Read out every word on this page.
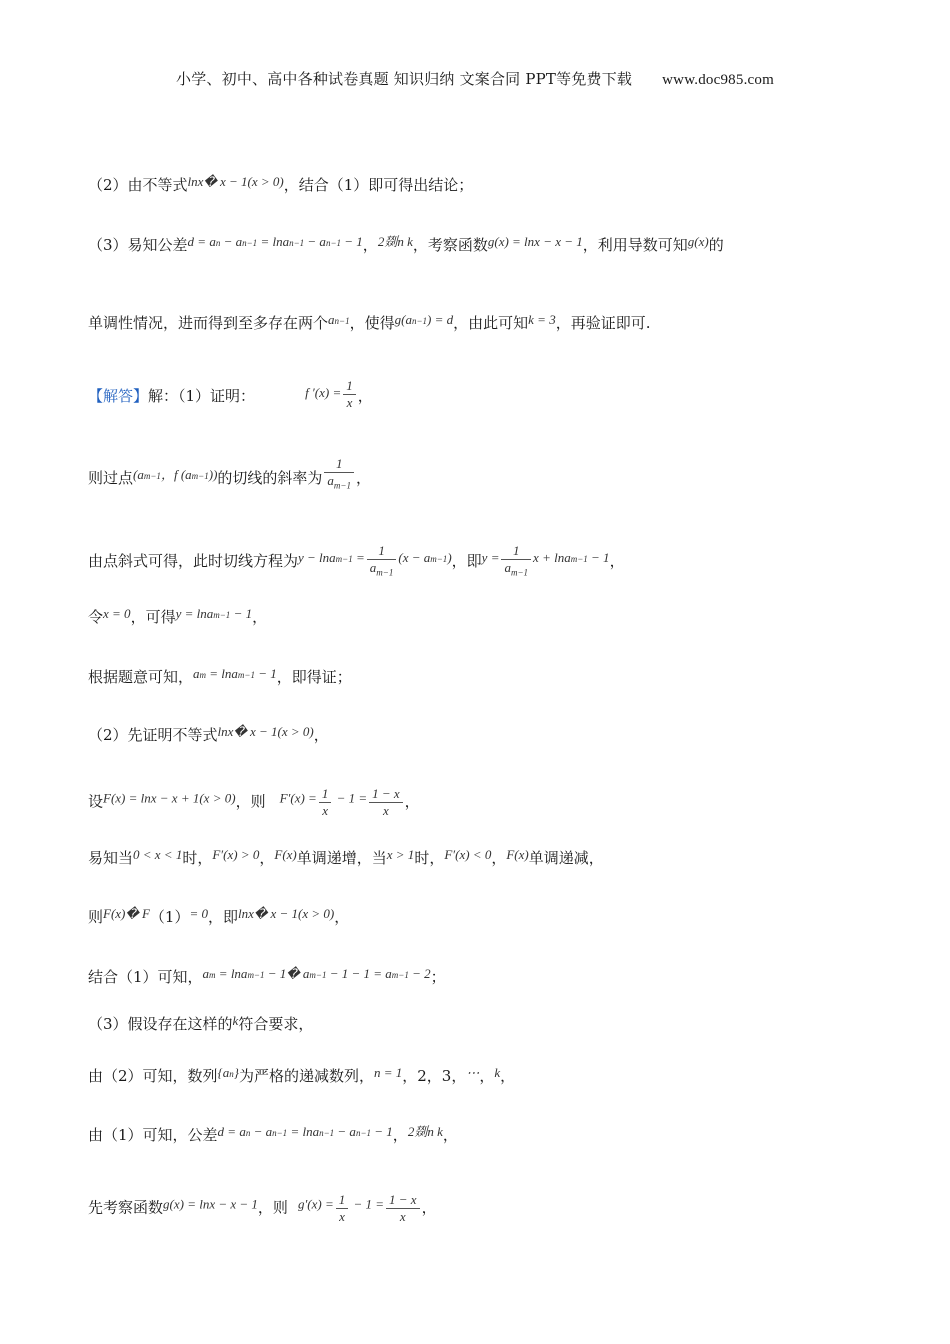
小学、初中、高中各种试卷真题 知识归纳 文案合同 PPT等免费下载 www.doc985.com
（2）由不等式lnx� x − 1(x > 0)，结合（1）即可得出结论；
（3）易知公差$d = a_n - a_{n-1} = \ln a_{n-1} - a_{n-1} - 1$，2剟n k，考察函数g(x) = lnx − x − 1，利用导数可知g(x)的
单调性情况，进而得到至多存在两个$a_{n-1}$，使得$g(a_{n-1}) = d$，由此可知k = 3，再验证即可.
【解答】解：（1）证明：	f $'(x) = \frac{1}{x}$ ，
则过点($a_{m-1}$，f $(a_{m-1})$)的切线的斜率为 $\frac{1}{a_{m-1}}$ ，
由点斜式可得，此时切线方程为$y - \ln a_{m-1} = \frac{1}{a_{m-1}} (x - a_{m-1})$，即$y = \frac{1}{a_{m-1}}$ x + lna$_{m-1}$ − 1，
令x = 0，可得y = lna$_{m-1}$ − 1，
根据题意可知，$a_m = \ln a_{m-1} - 1$，即得证；
（2）先证明不等式lnx� x − 1(x > 0)，
设F(x) = lnx − x + 1(x > 0)，则 $F'(x) = \frac{1}{x} - 1 = \frac{1 - x}{x}$ ，
易知当0 < x < 1时，F′(x) > 0，F(x)单调递增，当x > 1时，F′(x) < 0，F(x)单调递减，
则F(x)� F（1）= 0，即lnx� x − 1(x > 0)，
结合（1）可知，$a_m = \ln a_{m-1}$ − 1� $a_{m-1} - 1 - 1 = a_{m-1} - 2$；
（3）假设存在这样的k符合要求，
由（2）可知，数列$\{a_n\}$为严格的递减数列，n = 1，2，3，⋯，k，
由（1）可知，公差$d = a_n - a_{n-1} = \ln a_{n-1} - a_{n-1} - 1$，2剟n k，
先考察函数g(x) = lnx − x − 1，则 $g'(x) = \frac{1}{x} - 1 = \frac{1 - x}{x}$ ，
